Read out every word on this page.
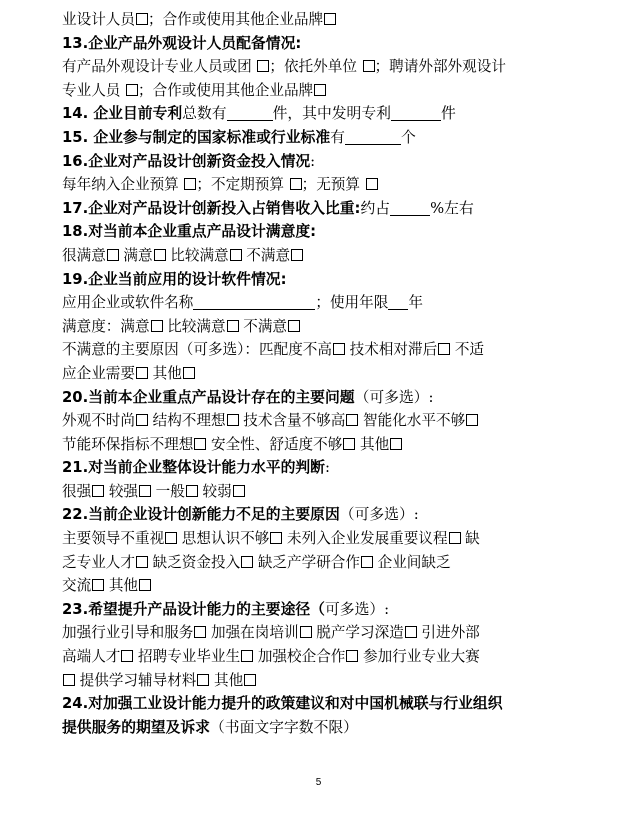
业设计人员 ；合作或使用其他企业品牌
13.企业产品外观设计人员配备情况:
有产品外观设计专业人员或团 ；依托外单位 ；聘请外部外观设计
专业人员 ；合作或使用其他企业品牌
14. 企业目前专利总数有	件，其中发明专利	件
15. 企业参与制定的国家标准或行业标准有	个
16.企业对产品设计创新资金投入情况:
每年纳入企业预算 ；不定期预算 ；无预算
17.企业对产品设计创新投入占销售收入比重:约占	%左右
18.对当前本企业重点产品设计满意度:
很满意 满意 比较满意 不满意
19.企业当前应用的设计软件情况:
应用企业或软件名称	；使用年限 年
满意度：满意 比较满意 不满意
不满意的主要原因（可多选）：匹配度不高 技术相对滞后 不适
应企业需要 其他
20.当前本企业重点产品设计存在的主要问题（可多选）:
外观不时尚 结构不理想 技术含量不够高 智能化水平不够
节能环保指标不理想 安全性、舒适度不够 其他
21.对当前企业整体设计能力水平的判断:
很强 较强 一般 较弱
22.当前企业设计创新能力不足的主要原因（可多选）:
主要领导不重视 思想认识不够 未列入企业发展重要议程 缺
乏专业人才 缺乏资金投入 缺乏产学研合作 企业间缺乏
交流 其他
23.希望提升产品设计能力的主要途径（可多选）:
加强行业引导和服务 加强在岗培训 脱产学习深造 引进外部
高端人才 招聘专业毕业生 加强校企合作 参加行业专业大赛
提供学习辅导材料 其他
24.对加强工业设计能力提升的政策建议和对中国机械联与行业组织
提供服务的期望及诉求（书面文字字数不限）
5
